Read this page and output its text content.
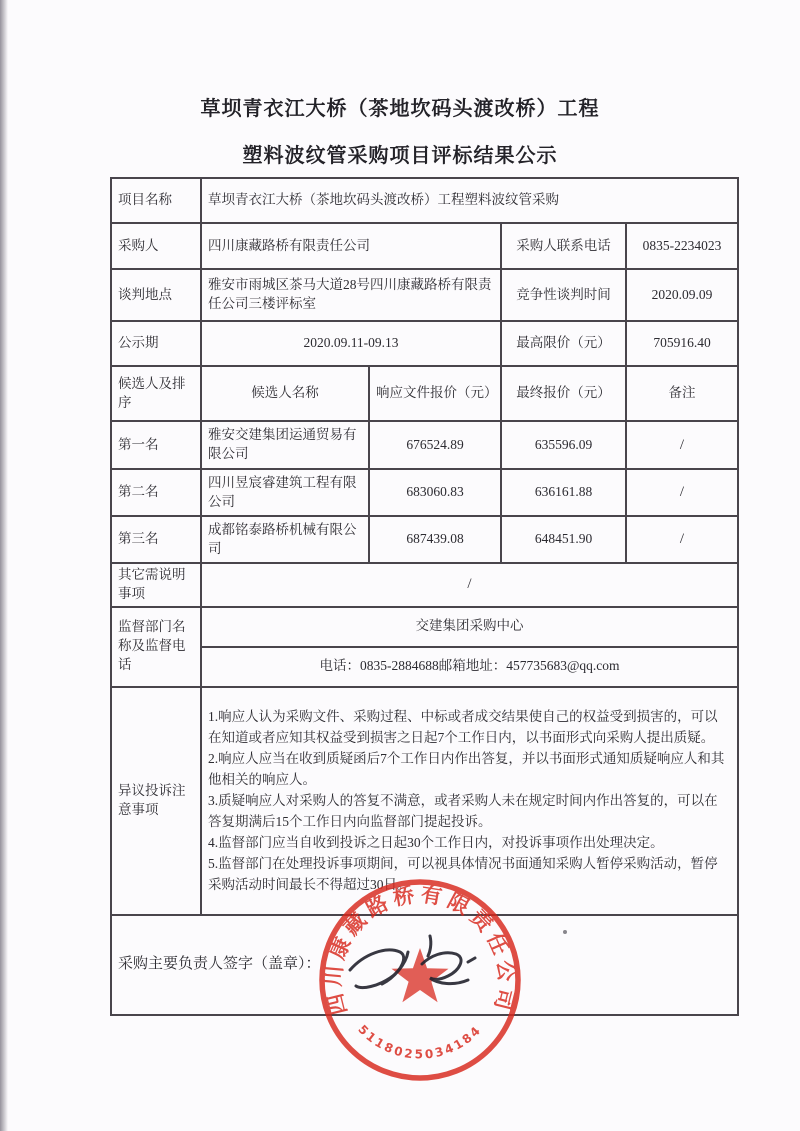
草坝青衣江大桥（茶地坎码头渡改桥）工程
塑料波纹管采购项目评标结果公示
项目名称	草坝青衣江大桥（茶地坎码头渡改桥）工程塑料波纹管采购			
采购人	四川康藏路桥有限责任公司		采购人联系电话	0835-2234023
谈判地点	雅安市雨城区茶马大道28号四川康藏路桥有限责任公司三楼评标室		竞争性谈判时间	2020.09.09
公示期	2020.09.11-09.13		最高限价（元）	705916.40
候选人及排序	候选人名称	响应文件报价（元）	最终报价（元）	备注
第一名	雅安交建集团运通贸易有限公司	676524.89	635596.09	/
第二名	四川昱宸睿建筑工程有限公司	683060.83	636161.88	/
第三名	成都铭泰路桥机械有限公司	687439.08	648451.90	/
其它需说明事项	/			
监督部门名称及监督电话	交建集团采购中心			
	电话：0835-2884688邮箱地址：457735683@qq.com			
异议投诉注意事项	1.响应人认为采购文件、采购过程、中标或者成交结果使自己的权益受到损害的，可以在知道或者应知其权益受到损害之日起7个工作日内，以书面形式向采购人提出质疑。

2.响应人应当在收到质疑函后7个工作日内作出答复，并以书面形式通知质疑响应人和其他相关的响应人。

3.质疑响应人对采购人的答复不满意，或者采购人未在规定时间内作出答复的，可以在答复期满后15个工作日内向监督部门提起投诉。

4.监督部门应当自收到投诉之日起30个工作日内，对投诉事项作出处理决定。

5.监督部门在处理投诉事项期间，可以视具体情况书面通知采购人暂停采购活动，暂停采购活动时间最长不得超过30日。			

采购主要负责人签字（盖章）：				
四川康藏路桥有限责任公司
5118025034184
